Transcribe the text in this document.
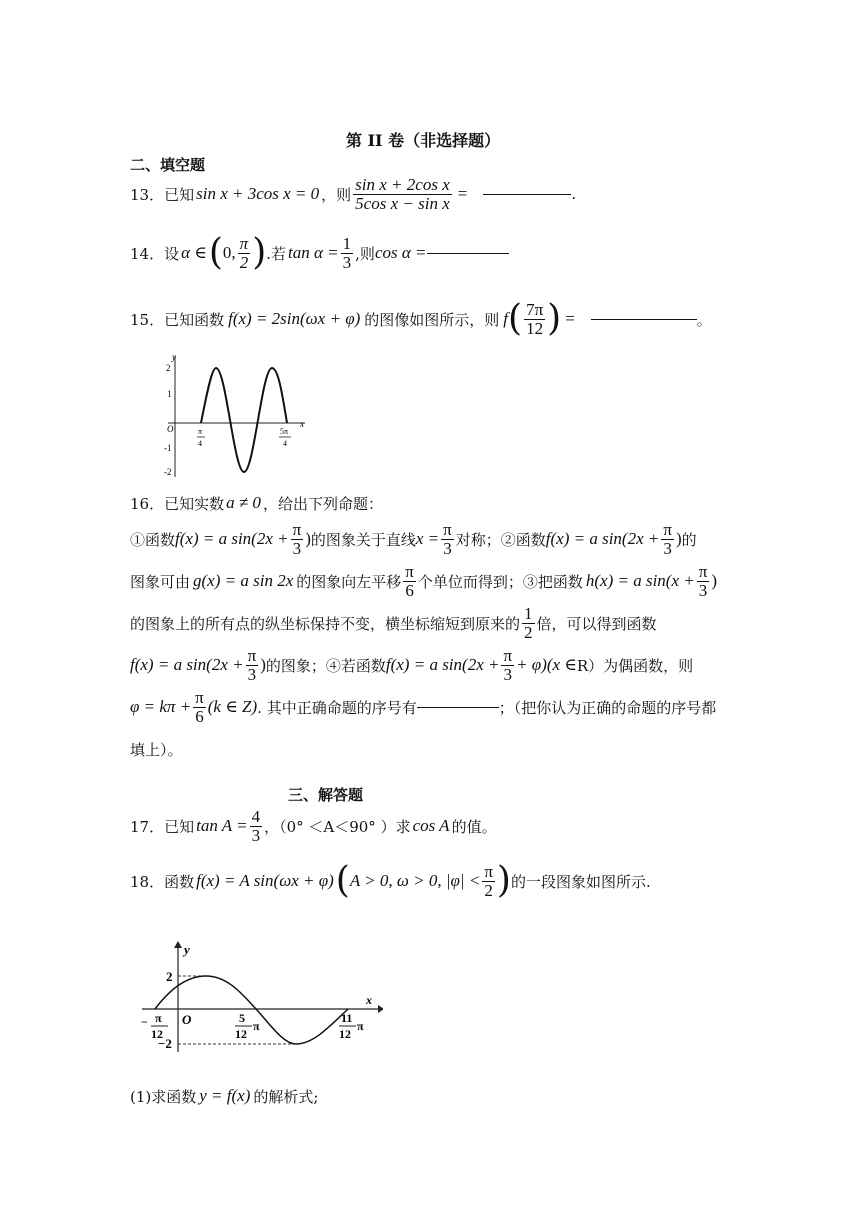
第 II 卷（非选择题）
二、填空题
13． 已知 sin x + 3cos x = 0 ，则 $\frac{\text{sin x + 2cos x}}{\text{5cos x − sin x}}$ =	.
14． 设 α ∈ ( 0, $\frac{\pi}{2}$ ) .若 $\tan \alpha = \frac{1}{3}$ ,则 cos α =
15． 已知函数 f(x) = 2sin(ωx + φ) 的图像如图所示，则 f ( $\frac{7\pi}{12}$ ) =	。
y
x
2
1
-1
-2
O	π
4
5π
4
16．已知实数 a ≠ 0 ，给出下列命题：
①函数 f(x) = a $\sin(2x + \frac{\pi}{3}$ ) 的图象关于直线 $x = \frac{\pi}{3}$ 对称；②函数 f(x) = a $\sin(2x + \frac{\pi}{3}$ ) 的
图象可由 g(x) = a sin 2x 的图象向左平移 $\frac{\pi}{6}$ 个单位而得到；③把函数 h(x) = a $\sin(x + \frac{\pi}{3}$ )
的图象上的所有点的纵坐标保持不变，横坐标缩短到原来的 $\frac{1}{2}$ 倍，可以得到函数
f(x) = a $\sin(2x + \frac{\pi}{3}$ ) 的图象；④若函数 f(x) = a $\sin(2x + \frac{\pi}{3} + \varphi)(x$ ∈ R）为偶函数，则
$\varphi = k\pi + \frac{\pi}{6} (k$ ∈ Z) . 其中正确命题的序号有	；（把你认为正确的命题的序号都
填上）。
三、解答题
17． 已知 $\tan A = \frac{4}{3}$ ，（0° ＜A＜90° ）求 cos A 的值。
18． 函数 f(x) = A sin(ωx + φ) ( A > 0, ω > 0, $|\varphi| < \frac{\pi}{2}$ ) 的一段图象如图所示.
y
x
2
−2
O
− π
12
5
12
π
11
12
π
(1)求函数 y = f(x) 的解析式;
